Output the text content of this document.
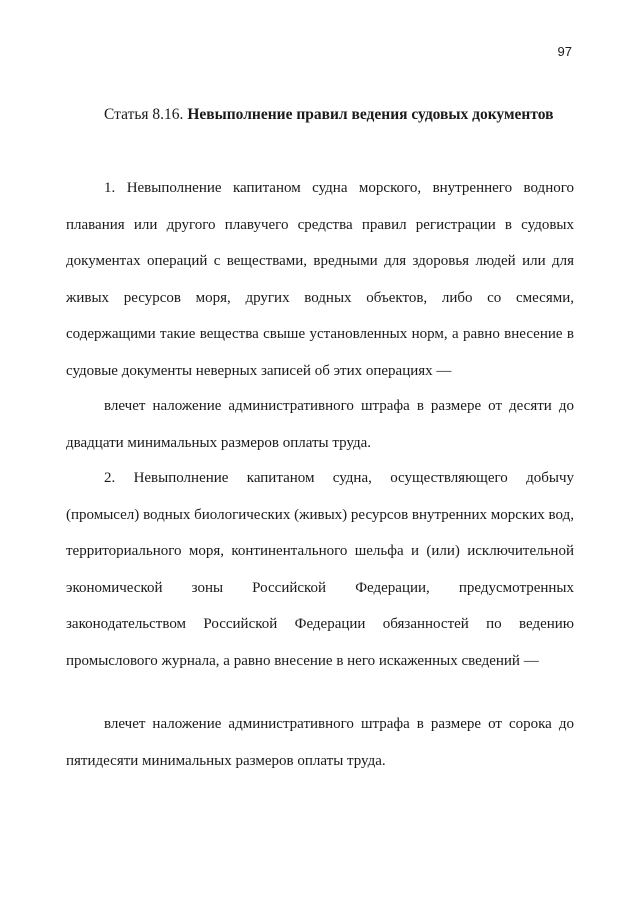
97
Статья 8.16. Невыполнение правил ведения судовых документов

1. Невыполнение капитаном судна морского, внутреннего водного плавания или другого плавучего средства правил регистрации в судовых документах операций с веществами, вредными для здоровья людей или для живых ресурсов моря, других водных объектов, либо со смесями, содержащими такие вещества свыше установленных норм, а равно внесение в судовые документы неверных записей об этих операциях —

влечет наложение административного штрафа в размере от десяти до двадцати минимальных размеров оплаты труда.

2. Невыполнение капитаном судна, осуществляющего добычу (промысел) водных биологических (живых) ресурсов внутренних морских вод, территориального моря, континентального шельфа и (или) исключительной экономической зоны Российской Федерации, предусмотренных законодательством Российской Федерации обязанностей по ведению промыслового журнала, а равно внесение в него искаженных сведений —

влечет наложение административного штрафа в размере от сорока до пятидесяти минимальных размеров оплаты труда.
